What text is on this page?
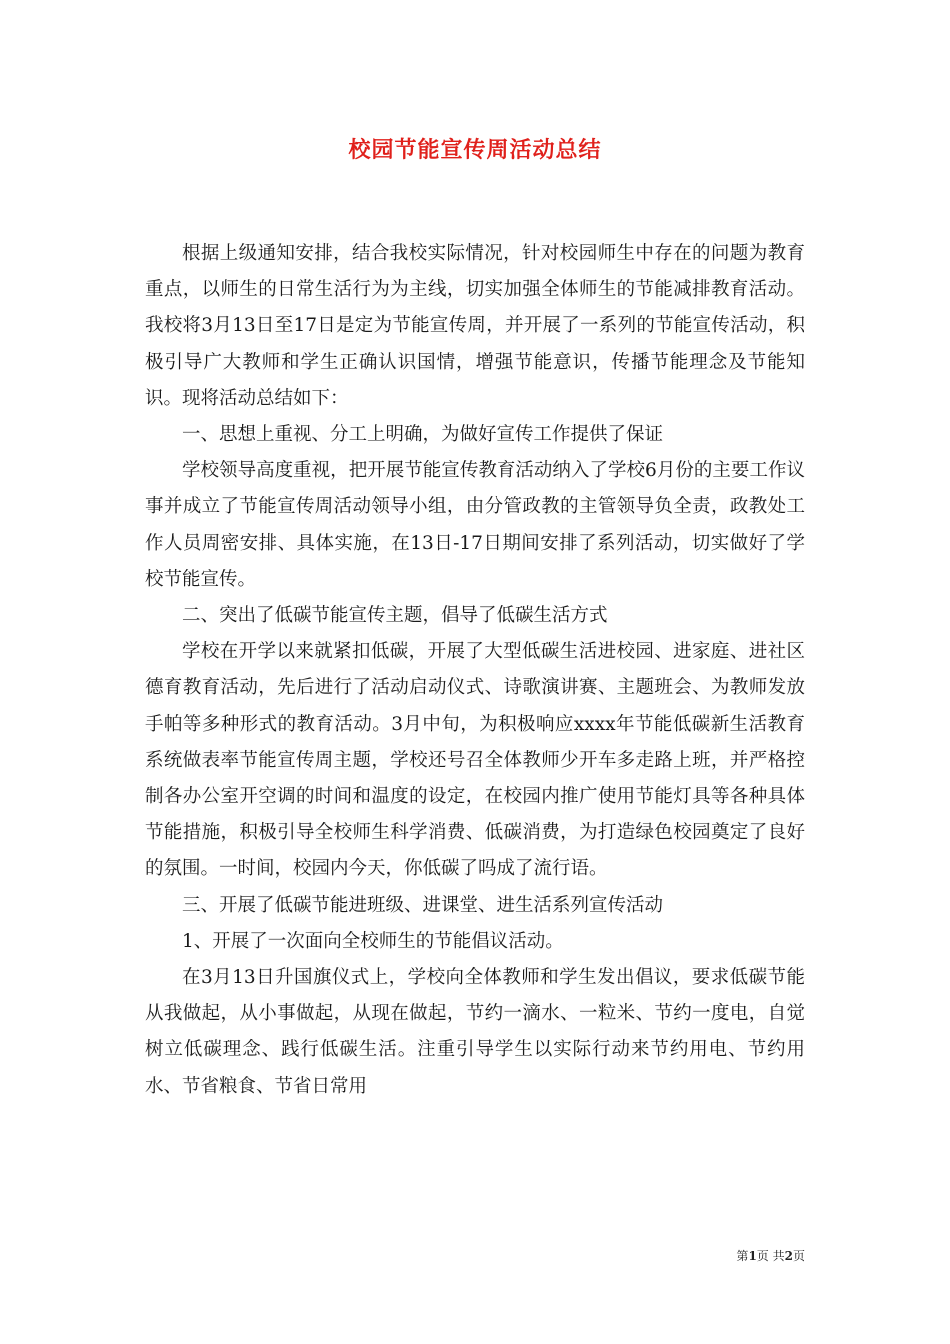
校园节能宣传周活动总结

根据上级通知安排，结合我校实际情况，针对校园师生中存在的问题为教育重点，以师生的日常生活行为为主线，切实加强全体师生的节能减排教育活动。我校将3月13日至17日是定为节能宣传周，并开展了一系列的节能宣传活动，积极引导广大教师和学生正确认识国情，增强节能意识，传播节能理念及节能知识。现将活动总结如下：

一、思想上重视、分工上明确，为做好宣传工作提供了保证

学校领导高度重视，把开展节能宣传教育活动纳入了学校6月份的主要工作议事并成立了节能宣传周活动领导小组，由分管政教的主管领导负全责，政教处工作人员周密安排、具体实施，在13日-17日期间安排了系列活动，切实做好了学校节能宣传。

二、突出了低碳节能宣传主题，倡导了低碳生活方式

学校在开学以来就紧扣低碳，开展了大型低碳生活进校园、进家庭、进社区德育教育活动，先后进行了活动启动仪式、诗歌演讲赛、主题班会、为教师发放手帕等多种形式的教育活动。3月中旬，为积极响应xxxx年节能低碳新生活教育系统做表率节能宣传周主题，学校还号召全体教师少开车多走路上班，并严格控制各办公室开空调的时间和温度的设定，在校园内推广使用节能灯具等各种具体节能措施，积极引导全校师生科学消费、低碳消费，为打造绿色校园奠定了良好的氛围。一时间，校园内今天，你低碳了吗成了流行语。

三、开展了低碳节能进班级、进课堂、进生活系列宣传活动

1、开展了一次面向全校师生的节能倡议活动。

在3月13日升国旗仪式上，学校向全体教师和学生发出倡议，要求低碳节能从我做起，从小事做起，从现在做起，节约一滴水、一粒米、节约一度电，自觉树立低碳理念、践行低碳生活。注重引导学生以实际行动来节约用电、节约用水、节省粮食、节省日常用

第1页 共2页
